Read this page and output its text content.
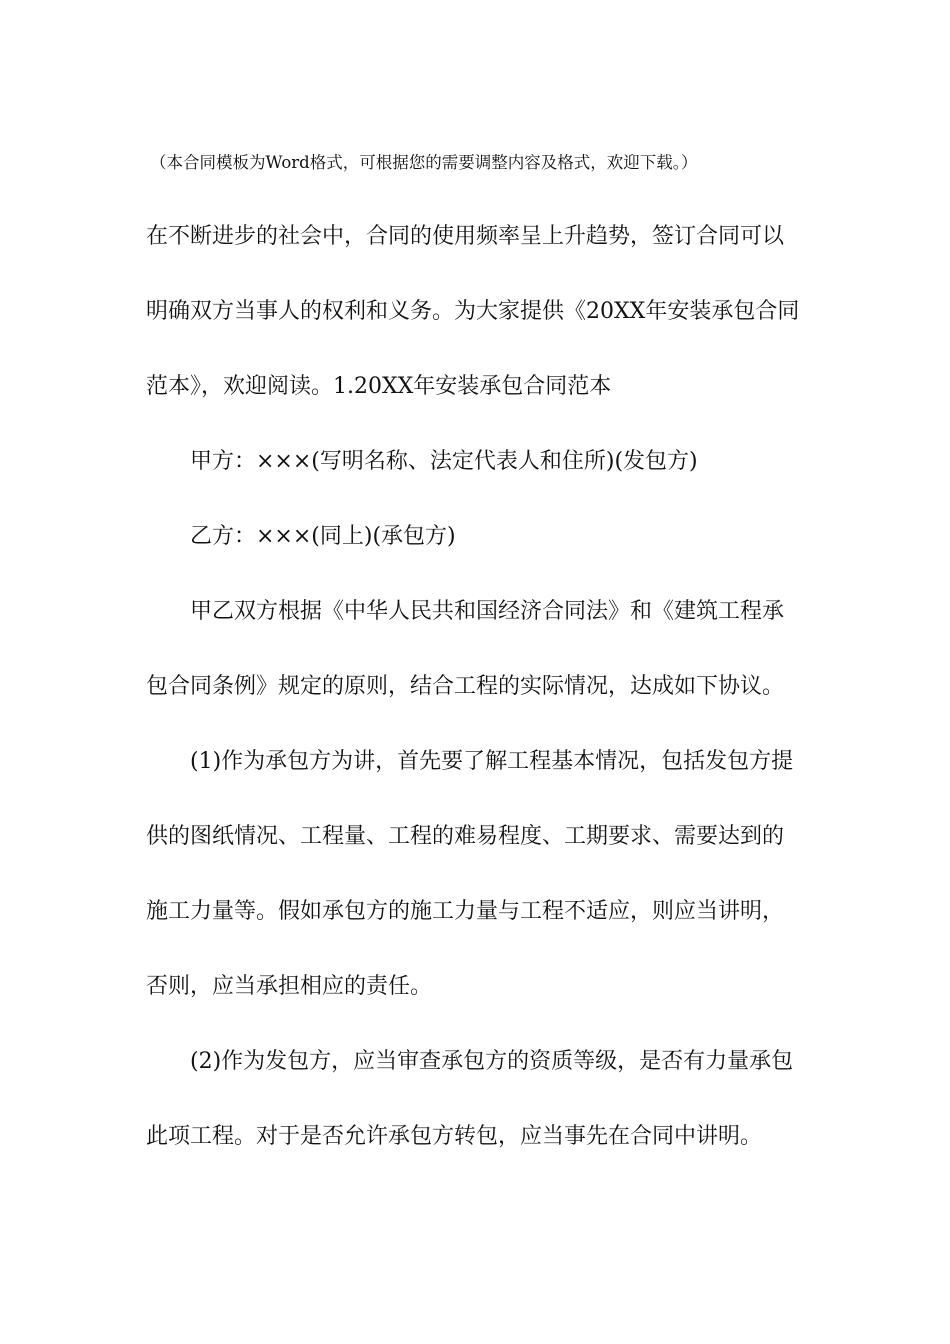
（本合同模板为Word格式，可根据您的需要调整内容及格式，欢迎下载。）
在不断进步的社会中，合同的使用频率呈上升趋势，签订合同可以
明确双方当事人的权利和义务。为大家提供《20XX年安装承包合同
范本》，欢迎阅读。1.20XX年安装承包合同范本
甲方：×××(写明名称、法定代表人和住所)(发包方)
乙方：×××(同上)(承包方)
甲乙双方根据《中华人民共和国经济合同法》和《建筑工程承
包合同条例》规定的原则，结合工程的实际情况，达成如下协议。
(1)作为承包方为讲，首先要了解工程基本情况，包括发包方提
供的图纸情况、工程量、工程的难易程度、工期要求、需要达到的
施工力量等。假如承包方的施工力量与工程不适应，则应当讲明，
否则，应当承担相应的责任。
(2)作为发包方，应当审查承包方的资质等级，是否有力量承包
此项工程。对于是否允许承包方转包，应当事先在合同中讲明。
